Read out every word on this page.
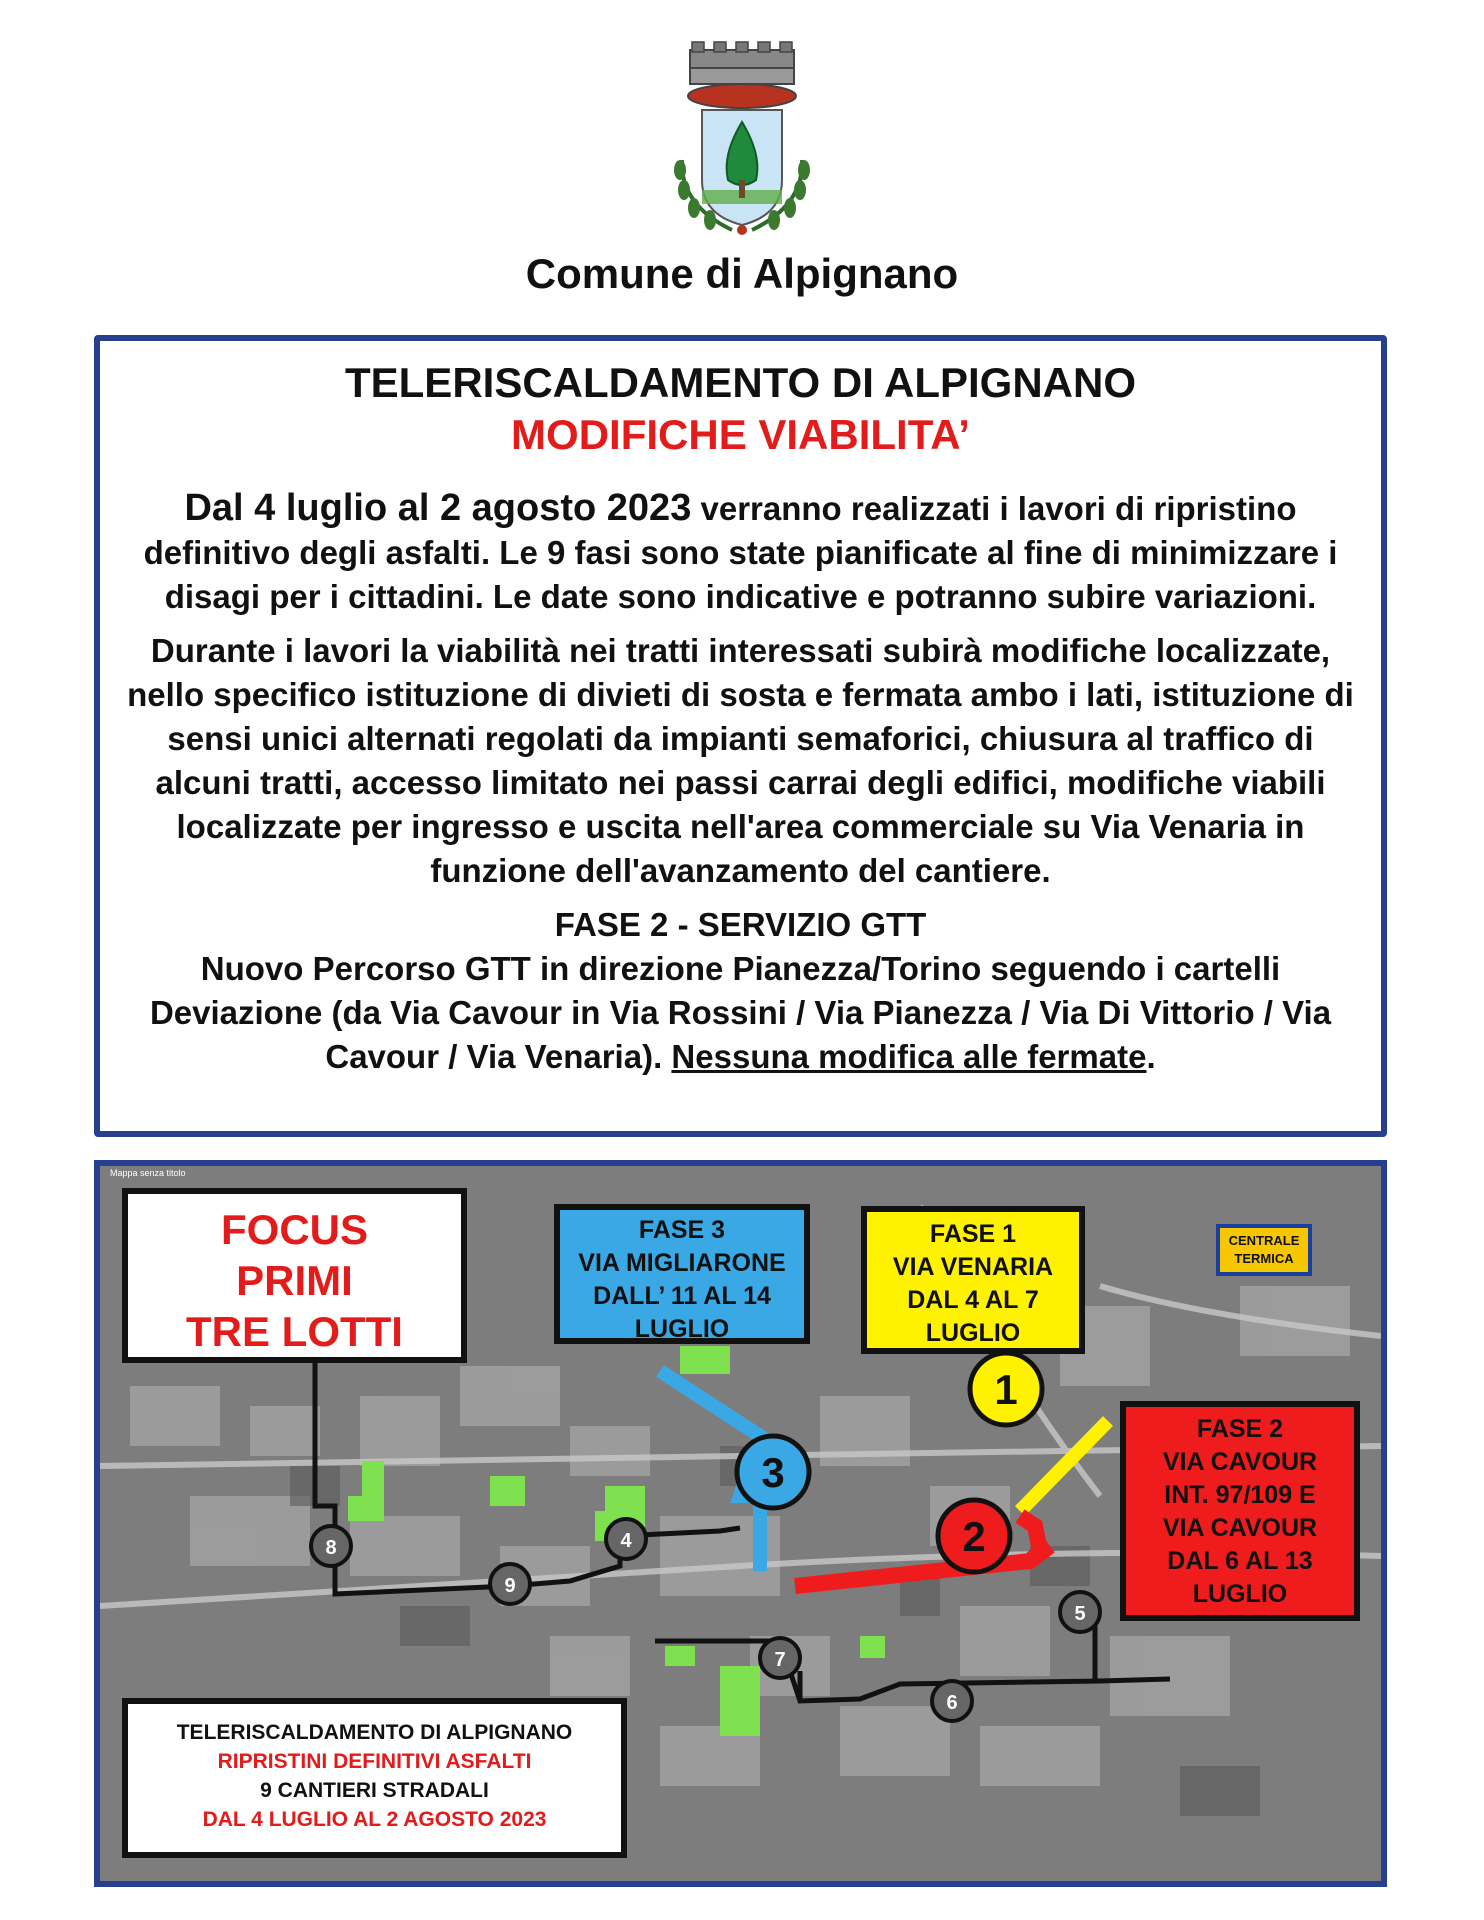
Comune di Alpignano
TELERISCALDAMENTO DI ALPIGNANO
MODIFICHE VIABILITA’

Dal 4 luglio al 2 agosto 2023 verranno realizzati i lavori di ripristino definitivo degli asfalti. Le 9 fasi sono state pianificate al fine di minimizzare i disagi per i cittadini. Le date sono indicative e potranno subire variazioni.

Durante i lavori la viabilità nei tratti interessati subirà modifiche localizzate, nello specifico istituzione di divieti di sosta e fermata ambo i lati, istituzione di sensi unici alternati regolati da impianti semaforici, chiusura al traffico di alcuni tratti, accesso limitato nei passi carrai degli edifici, modifiche viabili localizzate per ingresso e uscita nell'area commerciale su Via Venaria in funzione dell'avanzamento del cantiere.

FASE 2 - SERVIZIO GTT
Nuovo Percorso GTT in direzione Pianezza/Torino seguendo i cartelli Deviazione (da Via Cavour in Via Rossini / Via Pianezza / Via Di Vittorio / Via Cavour / Via Venaria). Nessuna modifica alle fermate.

Mappa senza titolo
1
2
3
4
5
6
7
8
9
FOCUS
PRIMI
TRE LOTTI
FASE 3
VIA MIGLIARONE
DALL’ 11 AL 14
LUGLIO
FASE 1
VIA VENARIA
DAL 4 AL 7
LUGLIO
CENTRALE
TERMICA
FASE 2
VIA CAVOUR
INT. 97/109 E
VIA CAVOUR
DAL 6 AL 13
LUGLIO
TELERISCALDAMENTO DI ALPIGNANO
RIPRISTINI DEFINITIVI ASFALTI
9 CANTIERI STRADALI
DAL 4 LUGLIO AL 2 AGOSTO 2023
